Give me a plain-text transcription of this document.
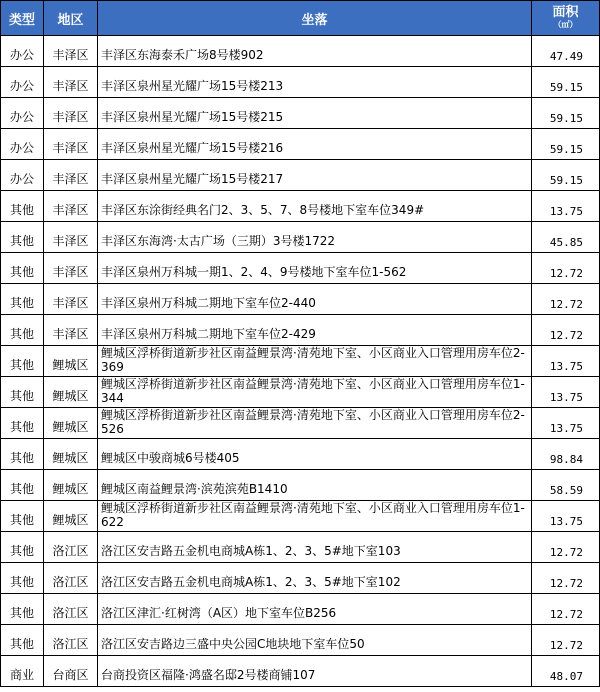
类型	地区	坐落	面积
（㎡）

办公	丰泽区	丰泽区东海泰禾广场8号楼902	47.49
办公	丰泽区	丰泽区泉州星光耀广场15号楼213	59.15
办公	丰泽区	丰泽区泉州星光耀广场15号楼215	59.15
办公	丰泽区	丰泽区泉州星光耀广场15号楼216	59.15
办公	丰泽区	丰泽区泉州星光耀广场15号楼217	59.15
其他	丰泽区	丰泽区东涂街经典名门2、3、5、7、8号楼地下室车位349#	13.75
其他	丰泽区	丰泽区东海湾·太古广场（三期）3号楼1722	45.85
其他	丰泽区	丰泽区泉州万科城一期1、2、4、9号楼地下室车位1-562	12.72
其他	丰泽区	丰泽区泉州万科城二期地下室车位2-440	12.72
其他	丰泽区	丰泽区泉州万科城二期地下室车位2-429	12.72
其他	鲤城区	鲤城区浮桥街道新步社区南益鲤景湾·清苑地下室、小区商业入口管理用房车位2-369	13.75
其他	鲤城区	鲤城区浮桥街道新步社区南益鲤景湾·清苑地下室、小区商业入口管理用房车位1-344	13.75
其他	鲤城区	鲤城区浮桥街道新步社区南益鲤景湾·清苑地下室、小区商业入口管理用房车位2-526	13.75
其他	鲤城区	鲤城区中骏商城6号楼405	98.84
其他	鲤城区	鲤城区南益鲤景湾·滨苑滨苑B1410	58.59
其他	鲤城区	鲤城区浮桥街道新步社区南益鲤景湾·清苑地下室、小区商业入口管理用房车位1-622	13.75
其他	洛江区	洛江区安吉路五金机电商城A栋1、2、3、5#地下室103	12.72
其他	洛江区	洛江区安吉路五金机电商城A栋1、2、3、5#地下室102	12.72
其他	洛江区	洛江区津汇·红树湾（A区）地下室车位B256	12.72
其他	洛江区	洛江区安吉路边三盛中央公园C地块地下室车位50	12.72
商业	台商区	台商投资区福隆·鸿盛名邸2号楼商铺107	48.07
